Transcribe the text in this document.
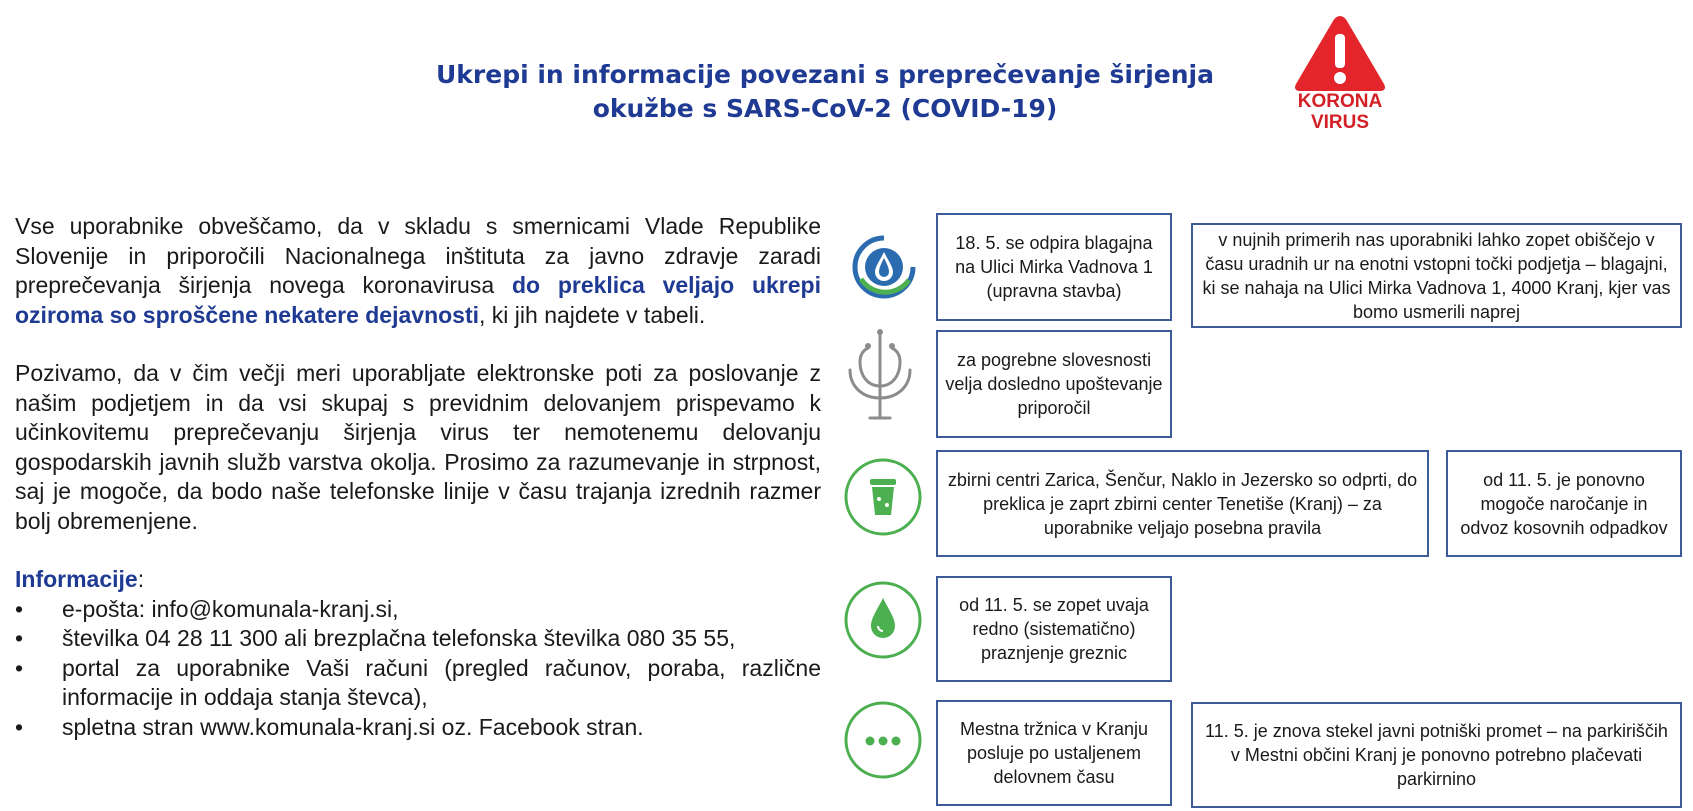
Ukrepi in informacije povezani s preprečevanje širjenja
okužbe s SARS-CoV-2 (COVID-19)	KORONA
VIRUS

Vse uporabnike obveščamo, da v skladu s smernicami Vlade Republike Slovenije in priporočili Nacionalnega inštituta za javno zdravje zaradi preprečevanja širjenja novega koronavirusa do preklica veljajo ukrepi oziroma so sproščene nekatere dejavnosti, ki jih najdete v tabeli.

Pozivamo, da v čim večji meri uporabljate elektronske poti za poslovanje z našim podjetjem in da vsi skupaj s previdnim delovanjem prispevamo k učinkovitemu preprečevanju širjenja virus ter nemotenemu delovanju gospodarskih javnih služb varstva okolja. Prosimo za razumevanje in strpnost, saj je mogoče, da bodo naše telefonske linije v času trajanja izrednih razmer bolj obremenjene.

Informacije:
• e-pošta: info@komunala-kranj.si,
• številka 04 28 11 300 ali brezplačna telefonska številka 080 35 55,
• portal za uporabnike Vaši računi (pregled računov, poraba, različne informacije in oddaja stanja števca),
• spletna stran www.komunala-kranj.si oz. Facebook stran.
18. 5. se odpira blagajna na Ulici Mirka Vadnova 1 (upravna stavba)
v nujnih primerih nas uporabniki lahko zopet obiščejo v času uradnih ur na enotni vstopni točki podjetja – blagajni, ki se nahaja na Ulici Mirka Vadnova 1, 4000 Kranj, kjer vas bomo usmerili naprej
za pogrebne slovesnosti velja dosledno upoštevanje priporočil
zbirni centri Zarica, Šenčur, Naklo in Jezersko so odprti, do preklica je zaprt zbirni center Tenetiše (Kranj) – za uporabnike veljajo posebna pravila
od 11. 5. je ponovno mogoče naročanje in odvoz kosovnih odpadkov
od 11. 5. se zopet uvaja redno (sistematično) praznjenje greznic
Mestna tržnica v Kranju posluje po ustaljenem delovnem času
11. 5. je znova stekel javni potniški promet – na parkiriščih v Mestni občini Kranj je ponovno potrebno plačevati parkirnino
